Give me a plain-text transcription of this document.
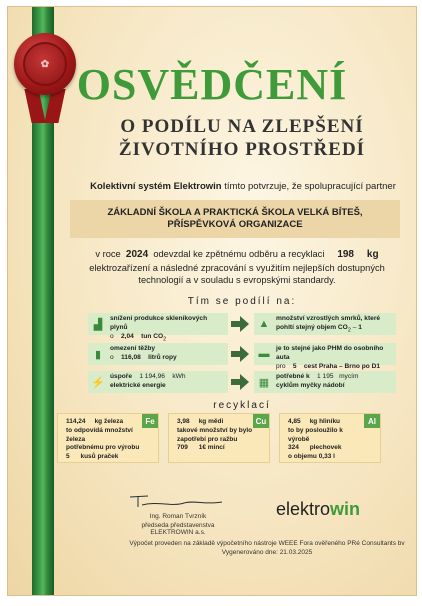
✿ OSVĚDČENÍ
O PODÍLU NA ZLEPŠENÍ
ŽIVOTNÍHO PROSTŘEDÍ
Kolektivní systém Elektrowin tímto potvrzuje, že spolupracující partner
ZÁKLADNÍ ŠKOLA A PRAKTICKÁ ŠKOLA VELKÁ BÍTEŠ,
PŘÍSPĚVKOVÁ ORGANIZACE
v roce 2024 odevzdal ke zpětnému odběru a recyklaci 198 kg
elektrozařízení a následné zpracování s využitím nejlepších dostupných technologií a v souladu s evropskými standardy.
Tím se podílí na:
▟	snížení produkce skleníkových plynů
o 2,04 tun $CO_2$
▲ množství vzrostlých smrků, které
pohltí stejný objem $CO_2 - 1$
▮	omezení těžby
o 116,08 litrů ropy	▬ je to stejné jako PHM do osobního auta
pro 5 cest Praha – Brno po D1
⚡ úspoře 1 194,96 kWh
elektrické energie	▦	potřebné k 1 195 mycím
cyklům myčky nádobí
recyklací
Fe
114,24 kg železa
to odpovídá množství železa
potřebnému pro výrobu
5 kusů praček
Cu
3,98 kg mědi
takové množství by bylo
zapotřebí pro ražbu
709 1€ mincí
Al
4,85 kg hliníku
to by posloužilo k výrobě
324 plechovek
o objemu 0,33 l
Ing. Roman Tvrzník
předseda představenstva ELEKTROWIN a.s.
elektrowin
Výpočet proveden na základě výpočetního nástroje WEEE Fora ověřeného PRé Consultants bv
Vygenerováno dne: 21.03.2025
